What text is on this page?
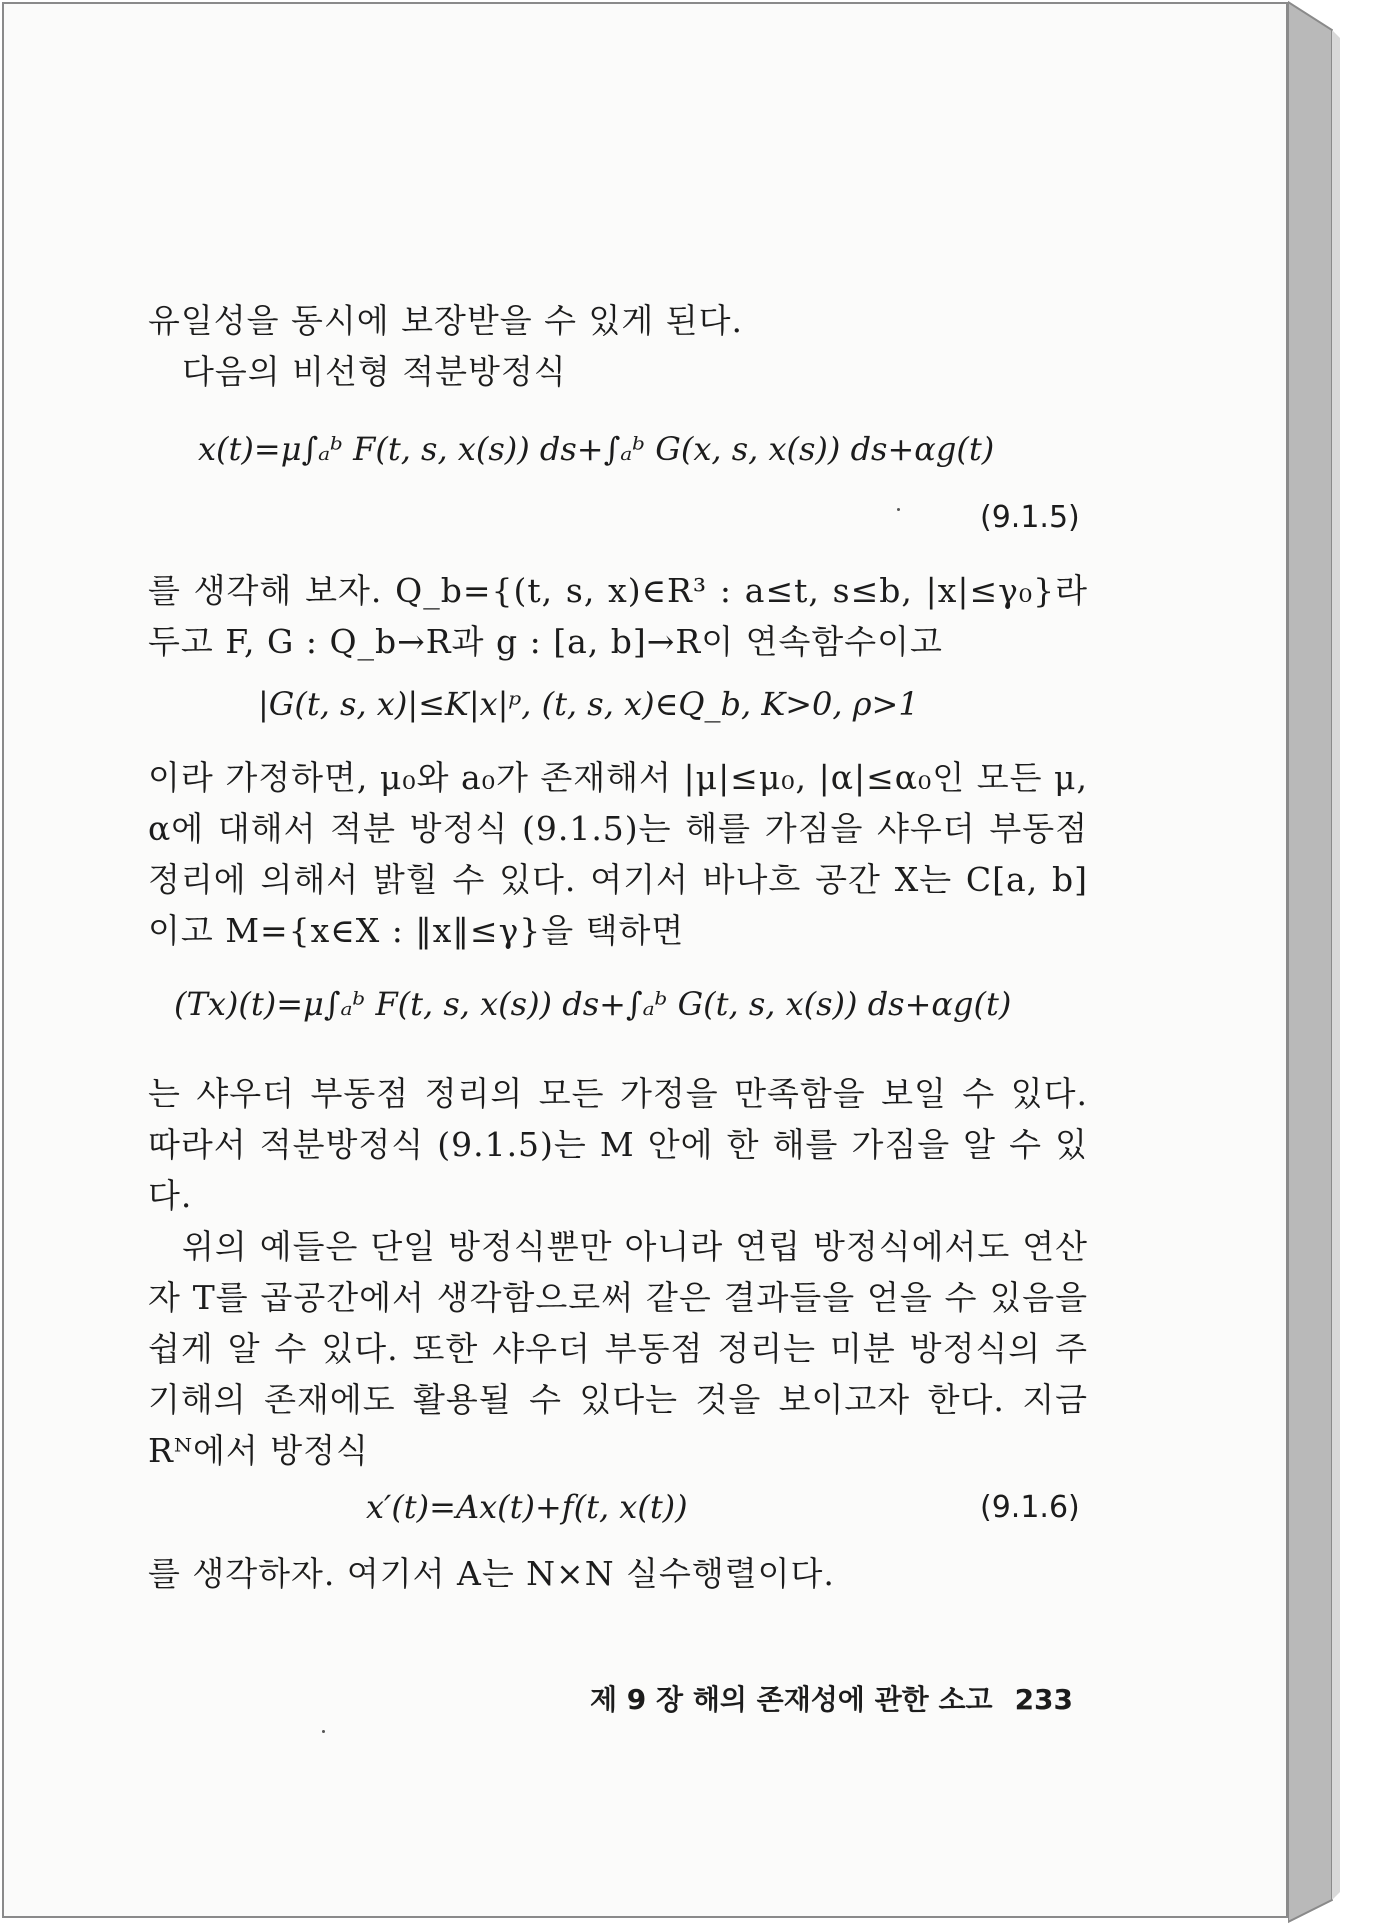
유일성을 동시에 보장받을 수 있게 된다.

다음의 비선형 적분방정식

x(t)=μ∫ₐᵇ F(t, s, x(s)) ds+∫ₐᵇ G(x, s, x(s)) ds+αg(t)
(9.1.5)

를 생각해 보자. Q_b={(t, s, x)∈R³ : a≤t, s≤b, |x|≤γ₀}라 두고 F, G : Q_b→R과 g : [a, b]→R이 연속함수이고

|G(t, s, x)|≤K|x|ᵖ, (t, s, x)∈Q_b, K>0, ρ>1

이라 가정하면, μ₀와 a₀가 존재해서 |μ|≤μ₀, |α|≤α₀인 모든 μ, α에 대해서 적분 방정식 (9.1.5)는 해를 가짐을 샤우더 부동점 정리에 의해서 밝힐 수 있다. 여기서 바나흐 공간 X는 C[a, b]이고 M={x∈X : ‖x‖≤γ}을 택하면

(Tx)(t)=μ∫ₐᵇ F(t, s, x(s)) ds+∫ₐᵇ G(t, s, x(s)) ds+αg(t)

는 샤우더 부동점 정리의 모든 가정을 만족함을 보일 수 있다. 따라서 적분방정식 (9.1.5)는 M 안에 한 해를 가짐을 알 수 있다.

위의 예들은 단일 방정식뿐만 아니라 연립 방정식에서도 연산자 T를 곱공간에서 생각함으로써 같은 결과들을 얻을 수 있음을 쉽게 알 수 있다. 또한 샤우더 부동점 정리는 미분 방정식의 주기해의 존재에도 활용될 수 있다는 것을 보이고자 한다. 지금 Rᴺ에서 방정식

x′(t)=Ax(t)+f(t, x(t))	(9.1.6)

를 생각하자. 여기서 A는 N×N 실수행렬이다.

제 9 장 해의 존재성에 관한 소고 233
